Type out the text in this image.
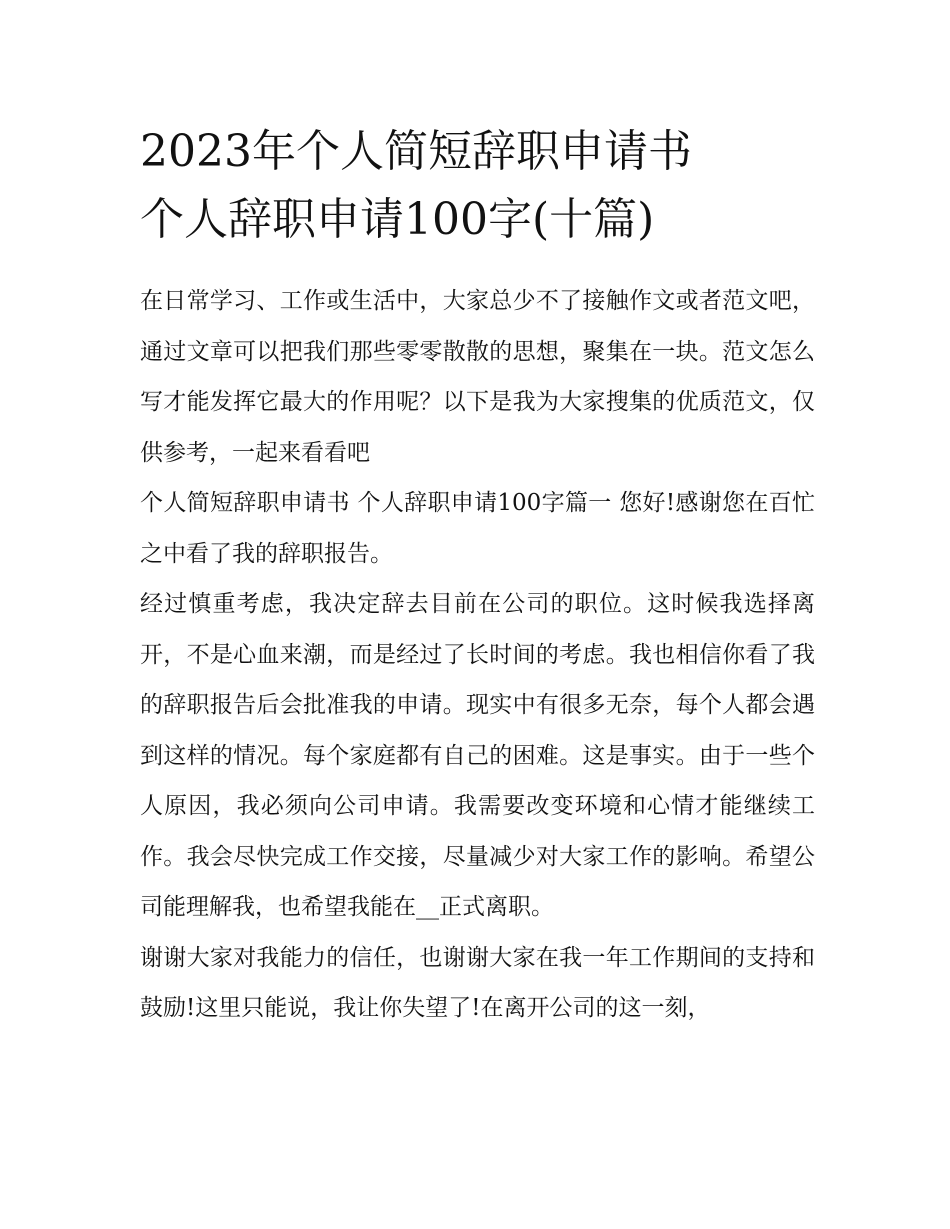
2023年个人简短辞职申请书
个人辞职申请100字(十篇)

在日常学习、工作或生活中，大家总少不了接触作文或者范文吧，通过文章可以把我们那些零零散散的思想，聚集在一块。范文怎么写才能发挥它最大的作用呢？以下是我为大家搜集的优质范文，仅供参考，一起来看看吧

个人简短辞职申请书 个人辞职申请100字篇一 您好!感谢您在百忙之中看了我的辞职报告。

经过慎重考虑，我决定辞去目前在公司的职位。这时候我选择离开，不是心血来潮，而是经过了长时间的考虑。我也相信你看了我的辞职报告后会批准我的申请。现实中有很多无奈，每个人都会遇到这样的情况。每个家庭都有自己的困难。这是事实。由于一些个人原因，我必须向公司申请。我需要改变环境和心情才能继续工作。我会尽快完成工作交接，尽量减少对大家工作的影响。希望公司能理解我，也希望我能在__正式离职。

谢谢大家对我能力的信任，也谢谢大家在我一年工作期间的支持和鼓励!这里只能说，我让你失望了!在离开公司的这一刻，
